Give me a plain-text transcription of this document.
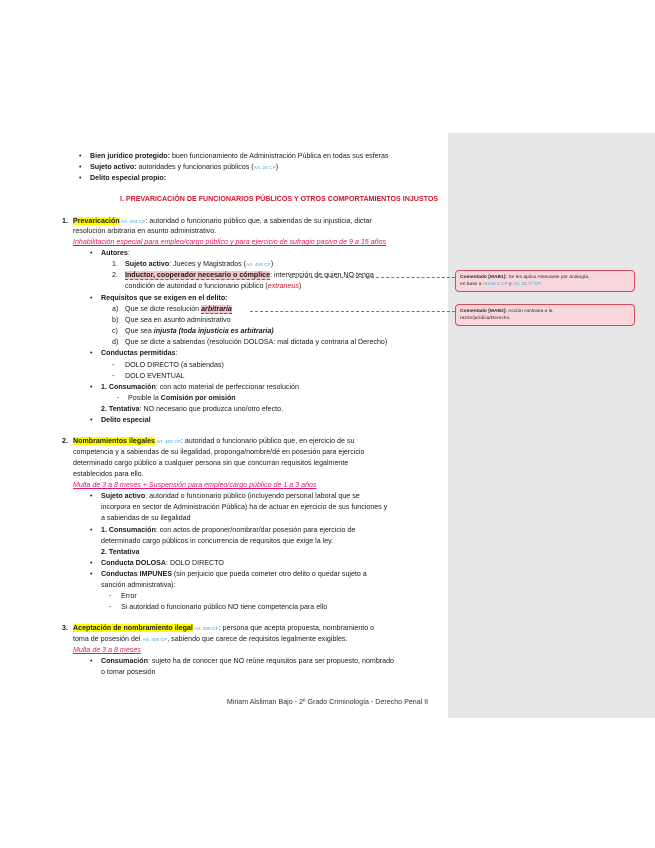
• Bien jurídico protegido: buen funcionamiento de Administración Pública en todas sus esferas
• Sujeto activo: autoridades y funcionarios públicos (Art. 24 CP)
• Delito especial propio:
I. PREVARICACIÓN DE FUNCIONARIOS PÚBLICOS Y OTROS COMPORTAMIENTOS INJUSTOS
1. Prevaricación Art. 404 CP: autoridad o funcionario público que, a sabiendas de su injusticia, dictar
resolución arbitraria en asunto administrativo.
Inhabilitación especial para empleo/cargo público y para ejercicio de sufragio pasivo de 9 a 15 años
• Autores:
1. Sujeto activo: Jueces y Magistrados (Art. 446 CP)
2. Inductor, cooperador necesario o cómplice: intervención de quien NO tenga
condición de autoridad o funcionario público (extraneus)
• Requisitos que se exigen en el delito:
a) Que se dicte resolución arbitraria
b) Que sea en asunto administrativo
c) Que sea injusta (toda injusticia es arbitraria)
d) Que se dicte a sabiendas (resolución DOLOSA: mal dictada y contraria al Derecho)
• Conductas permitidas:
- DOLO DIRECTO (a sabiendas)
- DOLO EVENTUAL
• 1. Consumación: con acto material de perfeccionar resolución
- Posible la Comisión por omisión
2. Tentativa: NO necesario que produzca uno/otro efecto.
• Delito especial
2. Nombramientos ilegales Art. 405 CP: autoridad o funcionario público que, en ejercicio de su
competencia y a sabiendas de su ilegalidad, proponga/nombre/dé en posesión para ejercicio
determinado cargo público a cualquier persona sin que concurran requisitos legalmente
establecidos para ello.
Multa de 3 a 8 meses + Suspensión para empleo/cargo público de 1 a 3 años
• Sujeto activo: autoridad o funcionario público (incluyendo personal laboral que se
incorpora en sector de Administración Pública) ha de actuar en ejercicio de sus funciones y
a sabiendas de su ilegalidad
• 1. Consumación: con actos de proponer/nombrar/dar posesión para ejercicio de
determinado cargo públicos in concurrencia de requisitos que exige la ley.
2. Tentativa
• Conducta DOLOSA: DOLO DIRECTO
• Conductas IMPUNES (sin perjuicio que pueda cometer otro delito o quedar sujeto a
sanción administrativa):
- Error
- Si autoridad o funcionario público NO tiene competencia para ello
3. Aceptación de nombramiento ilegal Art. 406 CP: persona que acepta propuesta, nombramiento o
toma de posesión del Art. 405 CP, sabiendo que carece de requisitos legalmente exigibles.
Multa de 3 a 8 meses
• Consumación: sujeto ha de conocer que NO reúne requisitos para ser propuesto, nombrado
o tomar posesión
Miriam Alsliman Bajo - 2º Grado Criminología - Derecho Penal II
Comentado [MAB1]: Se les aplica Atenuante por analogía,
en base a Art.65.3 CP y Art. 21.7º CP.
Comentado [MAB2]: Acción contraria a la
razón/jurídica/Derecho.
